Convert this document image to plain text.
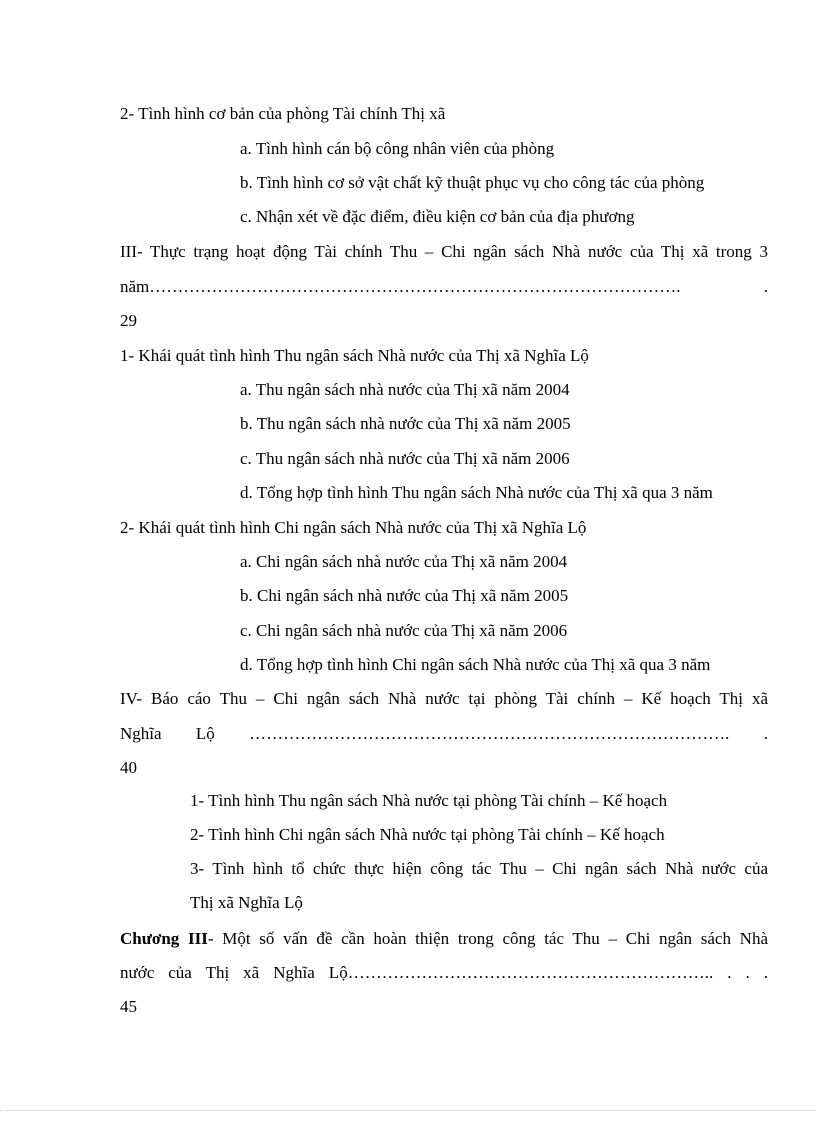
2- Tình hình cơ bản của phòng Tài chính Thị xã
a. Tình hình cán bộ công nhân viên của phòng
b. Tình hình cơ sở vật chất kỹ thuật phục vụ cho công tác của phòng
c. Nhận xét về đặc điểm, điều kiện cơ bản của địa phương
III- Thực trạng hoạt động Tài chính Thu – Chi ngân sách Nhà nước của Thị xã trong 3
năm…………………………………………………………………………………. .
29
1- Khái quát tình hình Thu ngân sách Nhà nước của Thị xã Nghĩa Lộ
a. Thu ngân sách nhà nước của Thị xã năm 2004
b. Thu ngân sách nhà nước của Thị xã năm 2005
c. Thu ngân sách nhà nước của Thị xã năm 2006
d. Tổng hợp tình hình Thu ngân sách Nhà nước của Thị xã qua 3 năm
2- Khái quát tình hình Chi ngân sách Nhà nước của Thị xã Nghĩa Lộ
a. Chi ngân sách nhà nước của Thị xã năm 2004
b. Chi ngân sách nhà nước của Thị xã năm 2005
c. Chi ngân sách nhà nước của Thị xã năm 2006
d. Tổng hợp tình hình Chi ngân sách Nhà nước của Thị xã qua 3 năm
IV- Báo cáo Thu – Chi ngân sách Nhà nước tại phòng Tài chính – Kế hoạch Thị xã
Nghĩa Lộ …………………………………………………………………………. .
40
1- Tình hình Thu ngân sách Nhà nước tại phòng Tài chính – Kế hoạch
2- Tình hình Chi ngân sách Nhà nước tại phòng Tài chính – Kế hoạch
3- Tình hình tổ chức thực hiện công tác Thu – Chi ngân sách Nhà nước của
Thị xã Nghĩa Lộ
Chương III- Một số vấn đề cần hoàn thiện trong công tác Thu – Chi ngân sách Nhà
nước của Thị xã Nghĩa Lộ……………………………………………………….. . . .
45
